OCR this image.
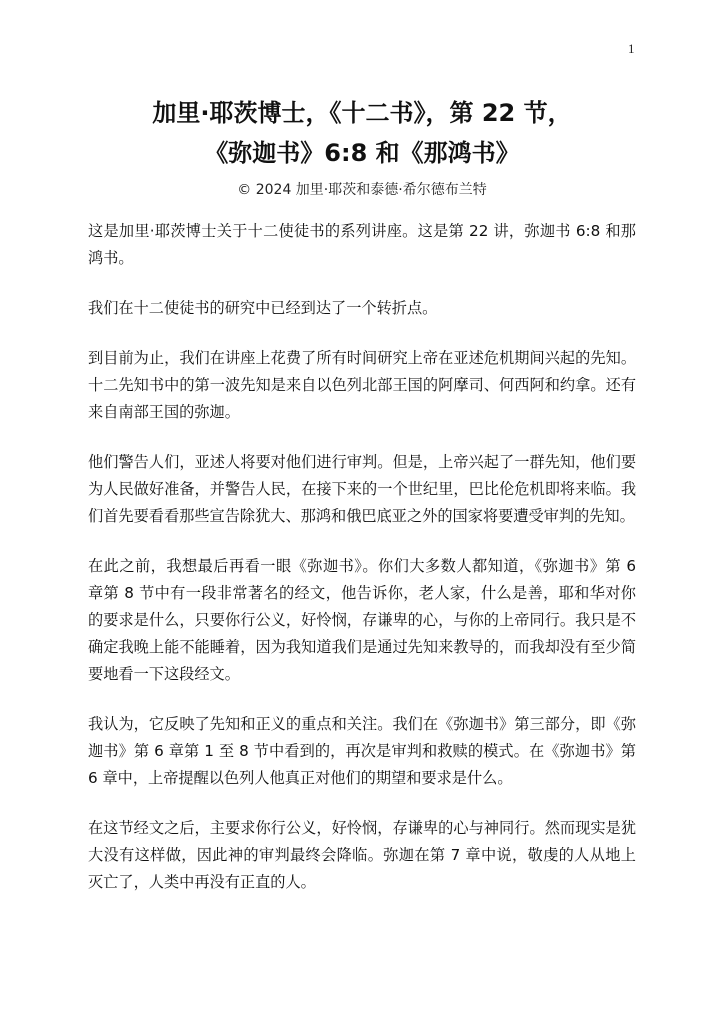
1
加里·耶茨博士，《十二书》，第 22 节，
《弥迦书》6:8 和《那鸿书》
© 2024 加里·耶茨和泰德·希尔德布兰特

这是加里·耶茨博士关于十二使徒书的系列讲座。这是第 22 讲，弥迦书 6:8 和那鸿书。

我们在十二使徒书的研究中已经到达了一个转折点。

到目前为止，我们在讲座上花费了所有时间研究上帝在亚述危机期间兴起的先知。十二先知书中的第一波先知是来自以色列北部王国的阿摩司、何西阿和约拿。还有来自南部王国的弥迦。

他们警告人们，亚述人将要对他们进行审判。但是，上帝兴起了一群先知，他们要为人民做好准备，并警告人民，在接下来的一个世纪里，巴比伦危机即将来临。我们首先要看看那些宣告除犹大、那鸿和俄巴底亚之外的国家将要遭受审判的先知。

在此之前，我想最后再看一眼《弥迦书》。你们大多数人都知道，《弥迦书》第 6 章第 8 节中有一段非常著名的经文，他告诉你，老人家，什么是善，耶和华对你的要求是什么，只要你行公义，好怜悯，存谦卑的心，与你的上帝同行。我只是不确定我晚上能不能睡着，因为我知道我们是通过先知来教导的，而我却没有至少简要地看一下这段经文。

我认为，它反映了先知和正义的重点和关注。我们在《弥迦书》第三部分，即《弥迦书》第 6 章第 1 至 8 节中看到的，再次是审判和救赎的模式。在《弥迦书》第 6 章中，上帝提醒以色列人他真正对他们的期望和要求是什么。

在这节经文之后，主要求你行公义，好怜悯，存谦卑的心与神同行。然而现实是犹大没有这样做，因此神的审判最终会降临。弥迦在第 7 章中说，敬虔的人从地上灭亡了，人类中再没有正直的人。
